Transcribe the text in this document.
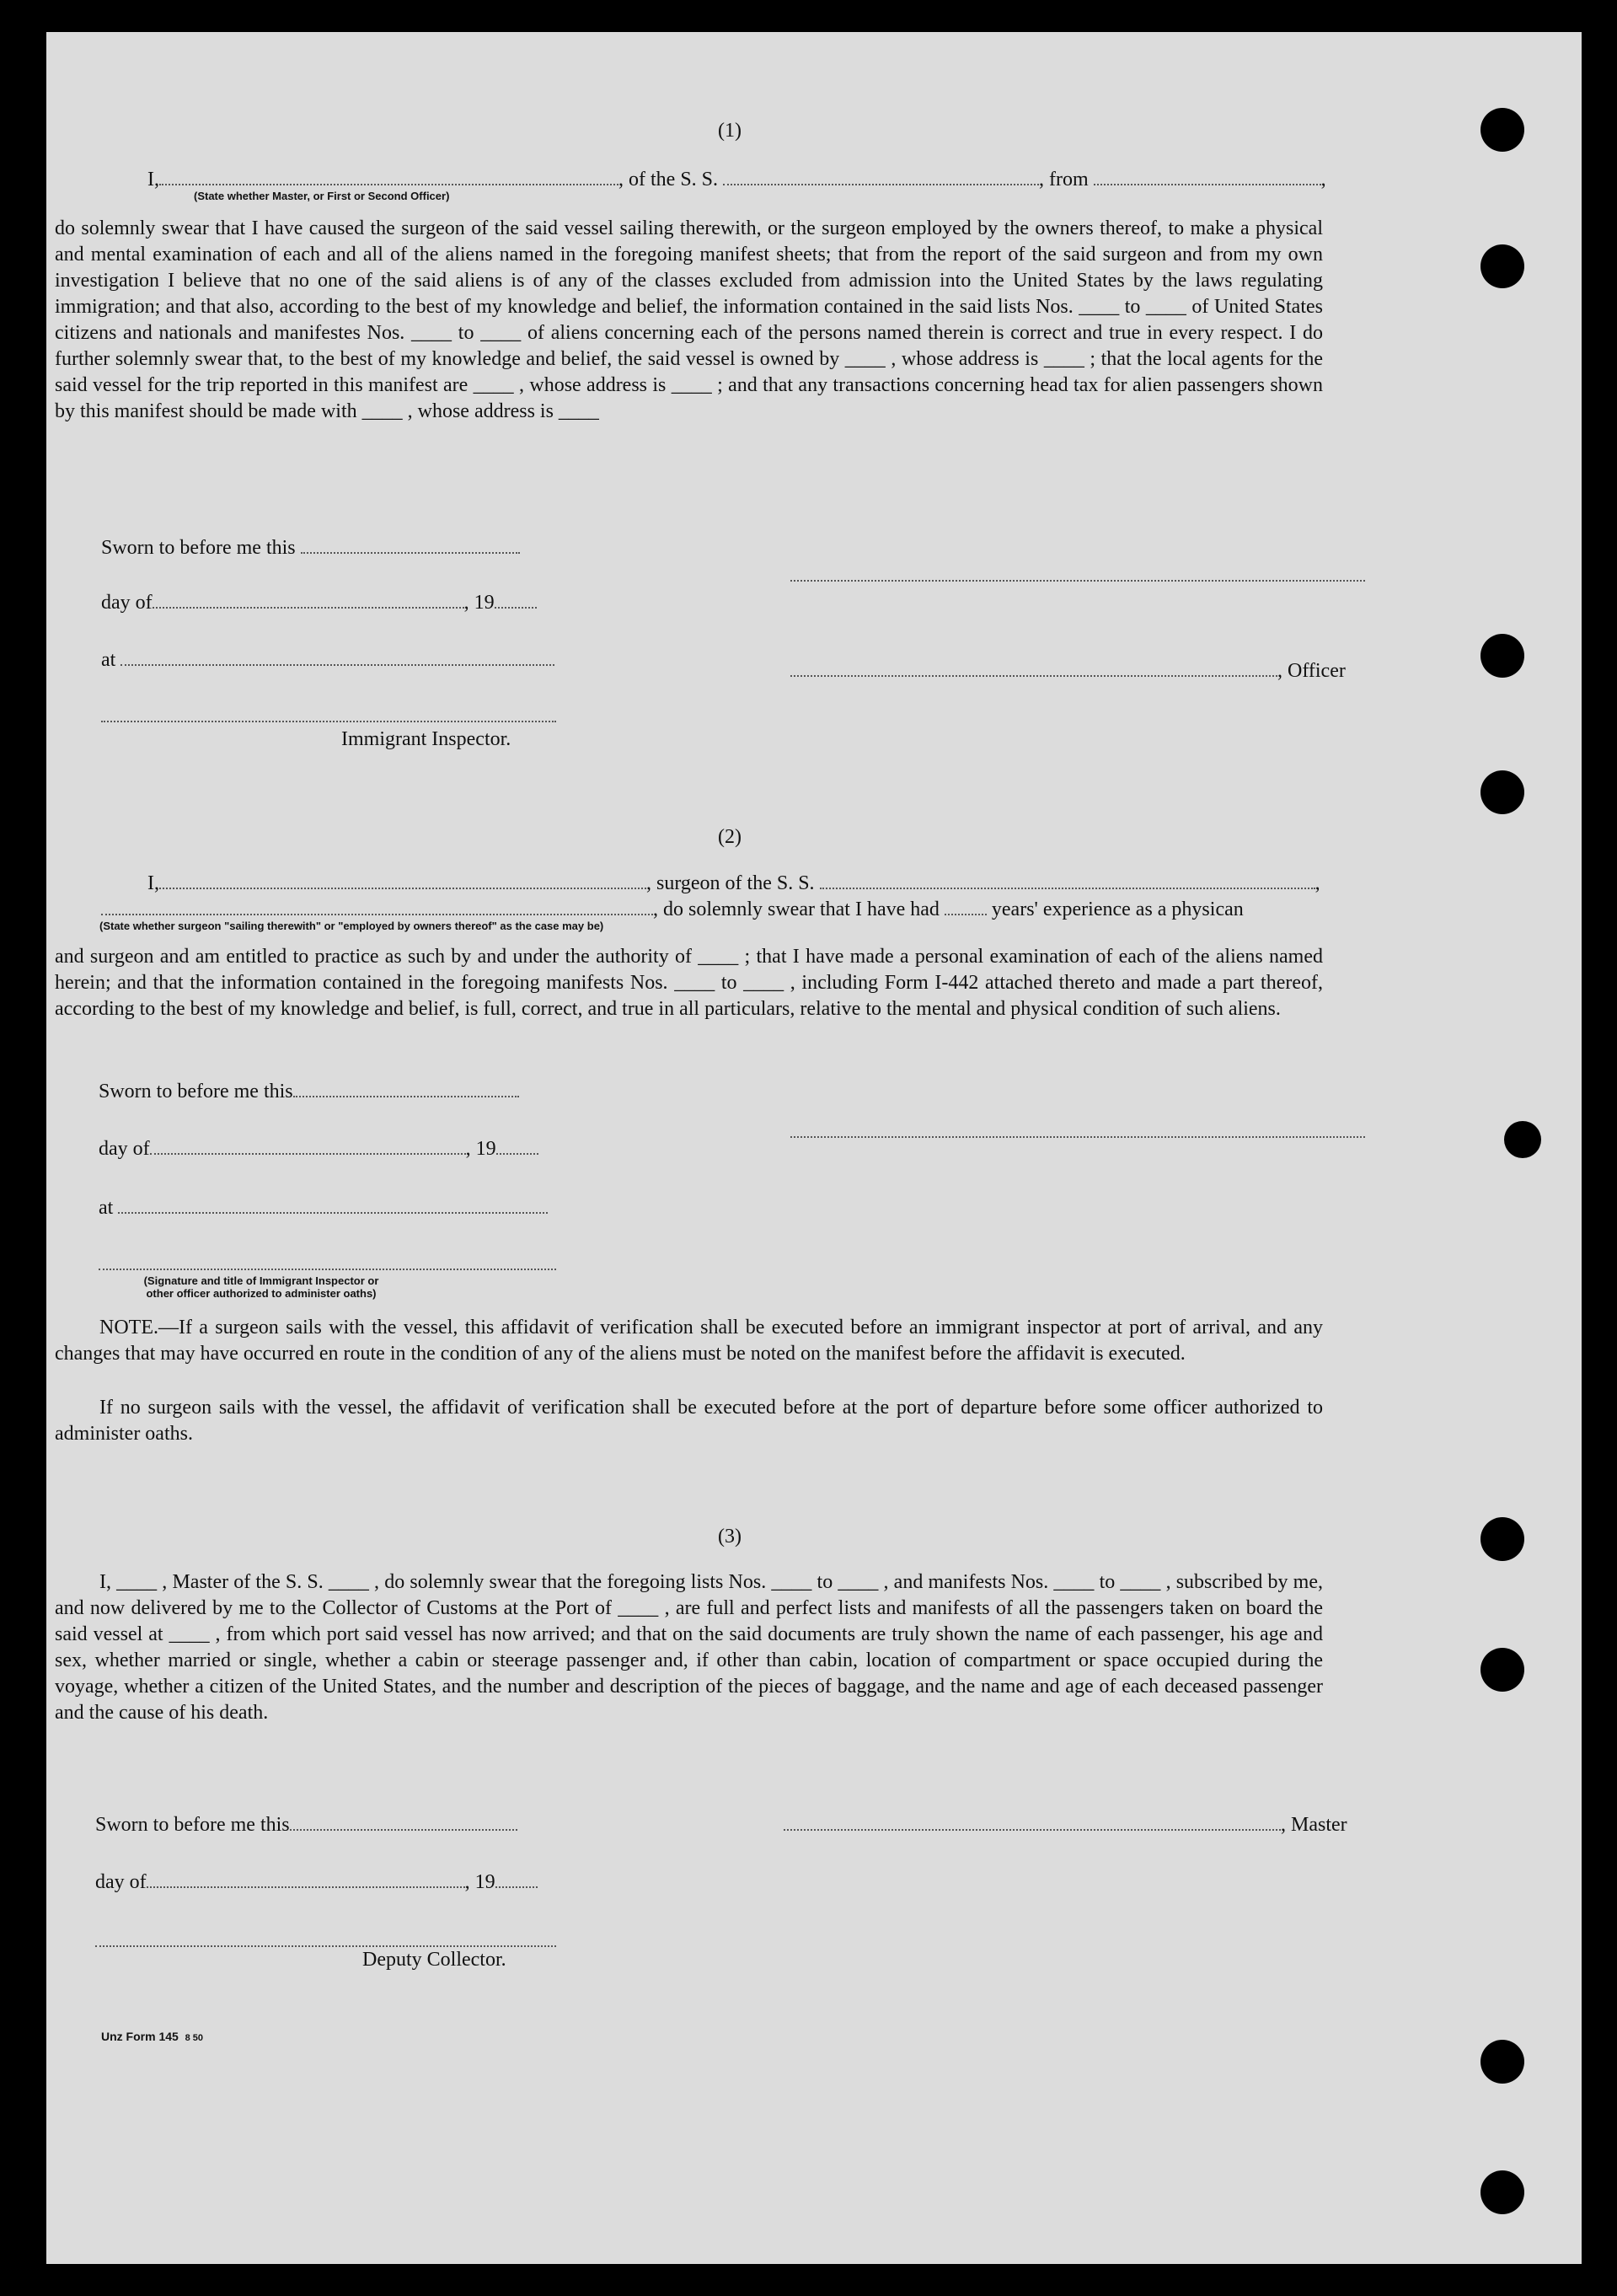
(1)
I,	, of the S. S.	, from	,
(State whether Master, or First or Second Officer)
do solemnly swear that I have caused the surgeon of the said vessel sailing therewith, or the surgeon employed by the owners thereof, to make a physical and mental examination of each and all of the aliens named in the foregoing manifest sheets; that from the report of the said surgeon and from my own investigation I believe that no one of the said aliens is of any of the classes excluded from admission into the United States by the laws regulating immigration; and that also, according to the best of my knowledge and belief, the information contained in the said lists Nos. ____ to ____ of United States citizens and nationals and manifestes Nos. ____ to ____ of aliens concerning each of the persons named therein is correct and true in every respect. I do further solemnly swear that, to the best of my knowledge and belief, the said vessel is owned by ____ , whose address is ____ ; that the local agents for the said vessel for the trip reported in this manifest are ____ , whose address is ____ ; and that any transactions concerning head tax for alien passengers shown by this manifest should be made with ____ , whose address is ____
Sworn to before me this
day of	, 19
at	, Officer
Immigrant Inspector.
(2)
I,	, surgeon of the S. S.	,
, do solemnly swear that I have had	years' experience as a physican
(State whether surgeon "sailing therewith" or "employed by owners thereof" as the case may be)
and surgeon and am entitled to practice as such by and under the authority of ____ ; that I have made a personal examination of each of the aliens named herein; and that the information contained in the foregoing manifests Nos. ____ to ____ , including Form I-442 attached thereto and made a part thereof, according to the best of my knowledge and belief, is full, correct, and true in all particulars, relative to the mental and physical condition of such aliens.
Sworn to before me this
day of	, 19
at
(Signature and title of Immigrant Inspector or other officer authorized to administer oaths)
NOTE.—If a surgeon sails with the vessel, this affidavit of verification shall be executed before an immigrant inspector at port of arrival, and any changes that may have occurred en route in the condition of any of the aliens must be noted on the manifest before the affidavit is executed.
If no surgeon sails with the vessel, the affidavit of verification shall be executed before at the port of departure before some officer authorized to administer oaths.
(3)
I, ____ , Master of the S. S. ____ , do solemnly swear that the foregoing lists Nos. ____ to ____ , and manifests Nos. ____ to ____ , subscribed by me, and now delivered by me to the Collector of Customs at the Port of ____ , are full and perfect lists and manifests of all the passengers taken on board the said vessel at ____ , from which port said vessel has now arrived; and that on the said documents are truly shown the name of each passenger, his age and sex, whether married or single, whether a cabin or steerage passenger and, if other than cabin, location of compartment or space occupied during the voyage, whether a citizen of the United States, and the number and description of the pieces of baggage, and the name and age of each deceased passenger and the cause of his death.
Sworn to before me this	, Master
day of	, 19
Deputy Collector.
Unz Form 145 8 50
